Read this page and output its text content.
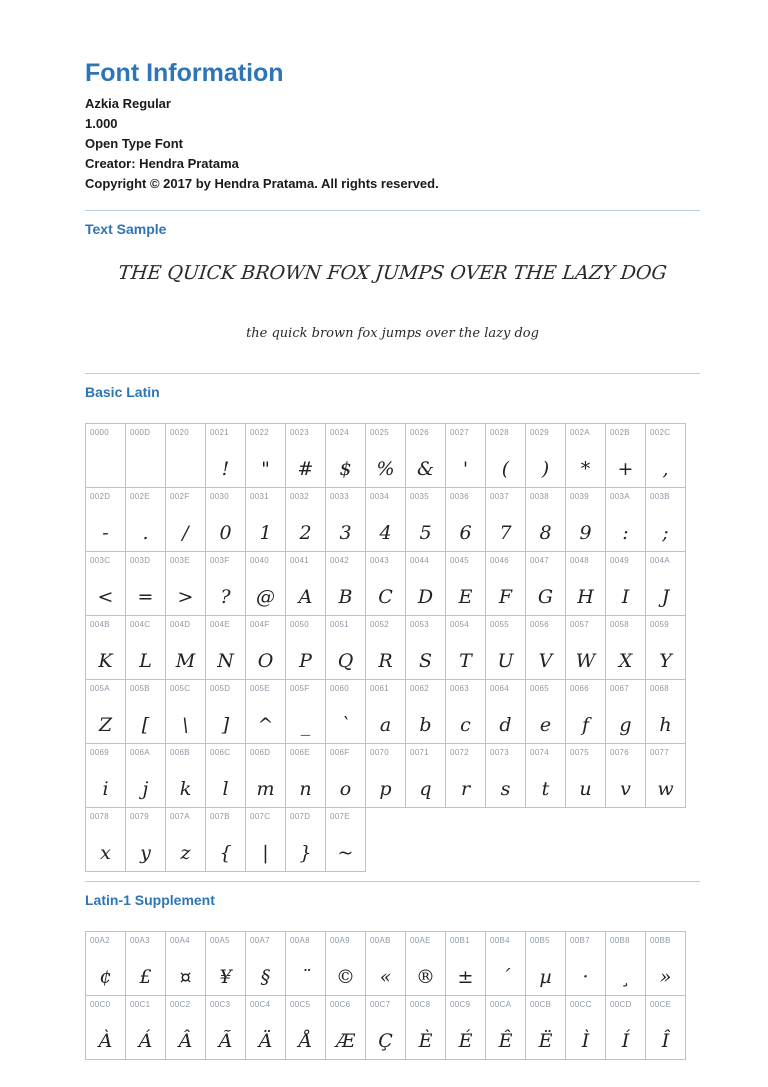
Font Information
Azkia Regular
1.000
Open Type Font
Creator: Hendra Pratama
Copyright © 2017 by Hendra Pratama. All rights reserved.
Text Sample
THE QUICK BROWN FOX JUMPS OVER THE LAZY DOG
the quick brown fox jumps over the lazy dog
Basic Latin
0000	000D 0020	0021
!
0022
"
0023
#
0024
$
0025
%
0026
&
0027
'
0028
(
0029
)
002A
*
002B
+
002C
,
002D
-
002E
.
002F
/
0030
0
0031
1
0032
2
0033
3
0034
4
0035
5
0036
6
0037
7
0038
8
0039
9
003A
:
003B
;
003C
<
003D
=
003E
>
003F
?
0040
@
0041
A
0042
B
0043
C
0044
D
0045
E
0046
F
0047
G
0048
H
0049
I
004A
J
004B
K
004C
L
004D
M
004E
N
004F
O
0050
P
0051
Q
0052
R
0053
S
0054
T
0055
U
0056
V
0057
W
0058
X
0059
Y
005A
Z
005B
[
005C
\
005D
]
005E
^
005F
_
0060
`
0061
a
0062
b
0063
c
0064
d
0065
e
0066
f
0067
g
0068
h
0069
i
006A
j
006B
k
006C
l
006D
m
006E
n
006F
o
0070
p
0071
q
0072
r
0073
s
0074
t
0075
u
0076
v
0077
w
0078
x
0079
y
007A
z
007B
{
007C
|
007D
}
007E
~
Latin-1 Supplement
00A2
¢
00A3
£
00A4
¤
00A5
¥
00A7
§
00A8
¨
00A9
©
00AB
«
00AE
®
00B1
±
00B4
´
00B5
µ
00B7
·
00B8
¸
00BB
»
00C0
À
00C1
Á
00C2
Â
00C3
Ã
00C4
Ä
00C5
Å
00C6
Æ
00C7
Ç
00C8
È
00C9
É
00CA
Ê
00CB
Ë
00CC
Ì
00CD
Í
00CE
Î
